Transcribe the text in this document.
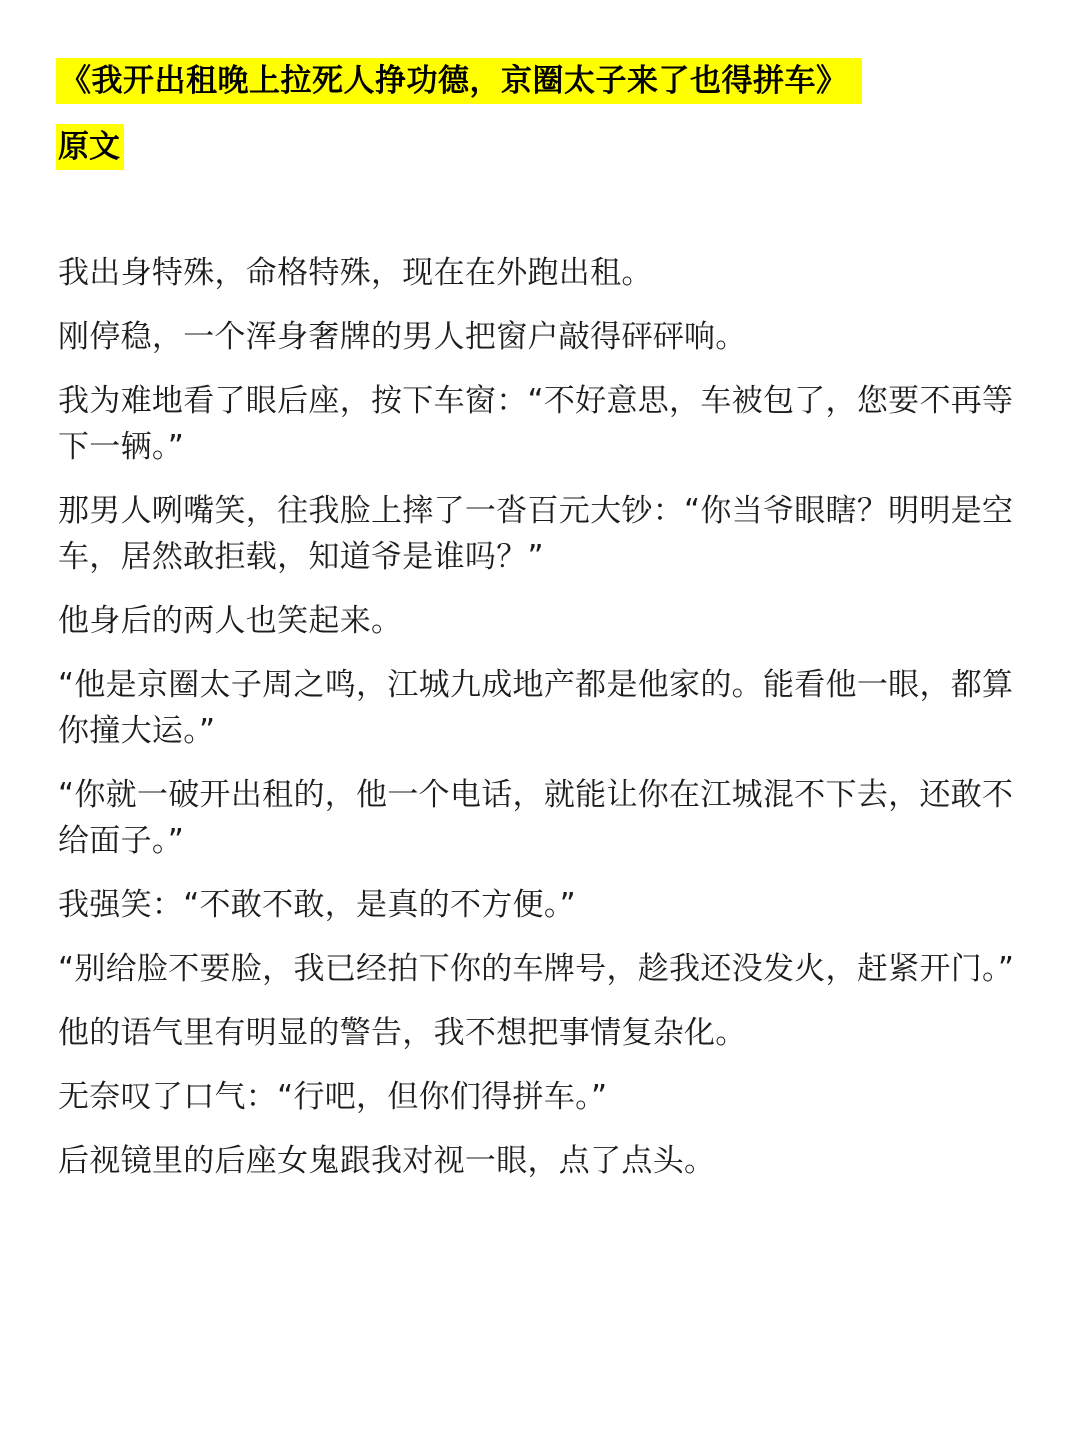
《我开出租晚上拉死人挣功德，京圈太子来了也得拼车》
原文

我出身特殊，命格特殊，现在在外跑出租。

刚停稳，一个浑身奢牌的男人把窗户敲得砰砰响。

我为难地看了眼后座，按下车窗：“不好意思，车被包了，您要不再等下一辆。”

那男人咧嘴笑，往我脸上摔了一沓百元大钞：“你当爷眼瞎？明明是空车，居然敢拒载，知道爷是谁吗？”

他身后的两人也笑起来。

“他是京圈太子周之鸣，江城九成地产都是他家的。能看他一眼，都算你撞大运。”

“你就一破开出租的，他一个电话，就能让你在江城混不下去，还敢不给面子。”

我强笑：“不敢不敢，是真的不方便。”

“别给脸不要脸，我已经拍下你的车牌号，趁我还没发火，赶紧开门。”

他的语气里有明显的警告，我不想把事情复杂化。

无奈叹了口气：“行吧，但你们得拼车。”

后视镜里的后座女鬼跟我对视一眼，点了点头。
